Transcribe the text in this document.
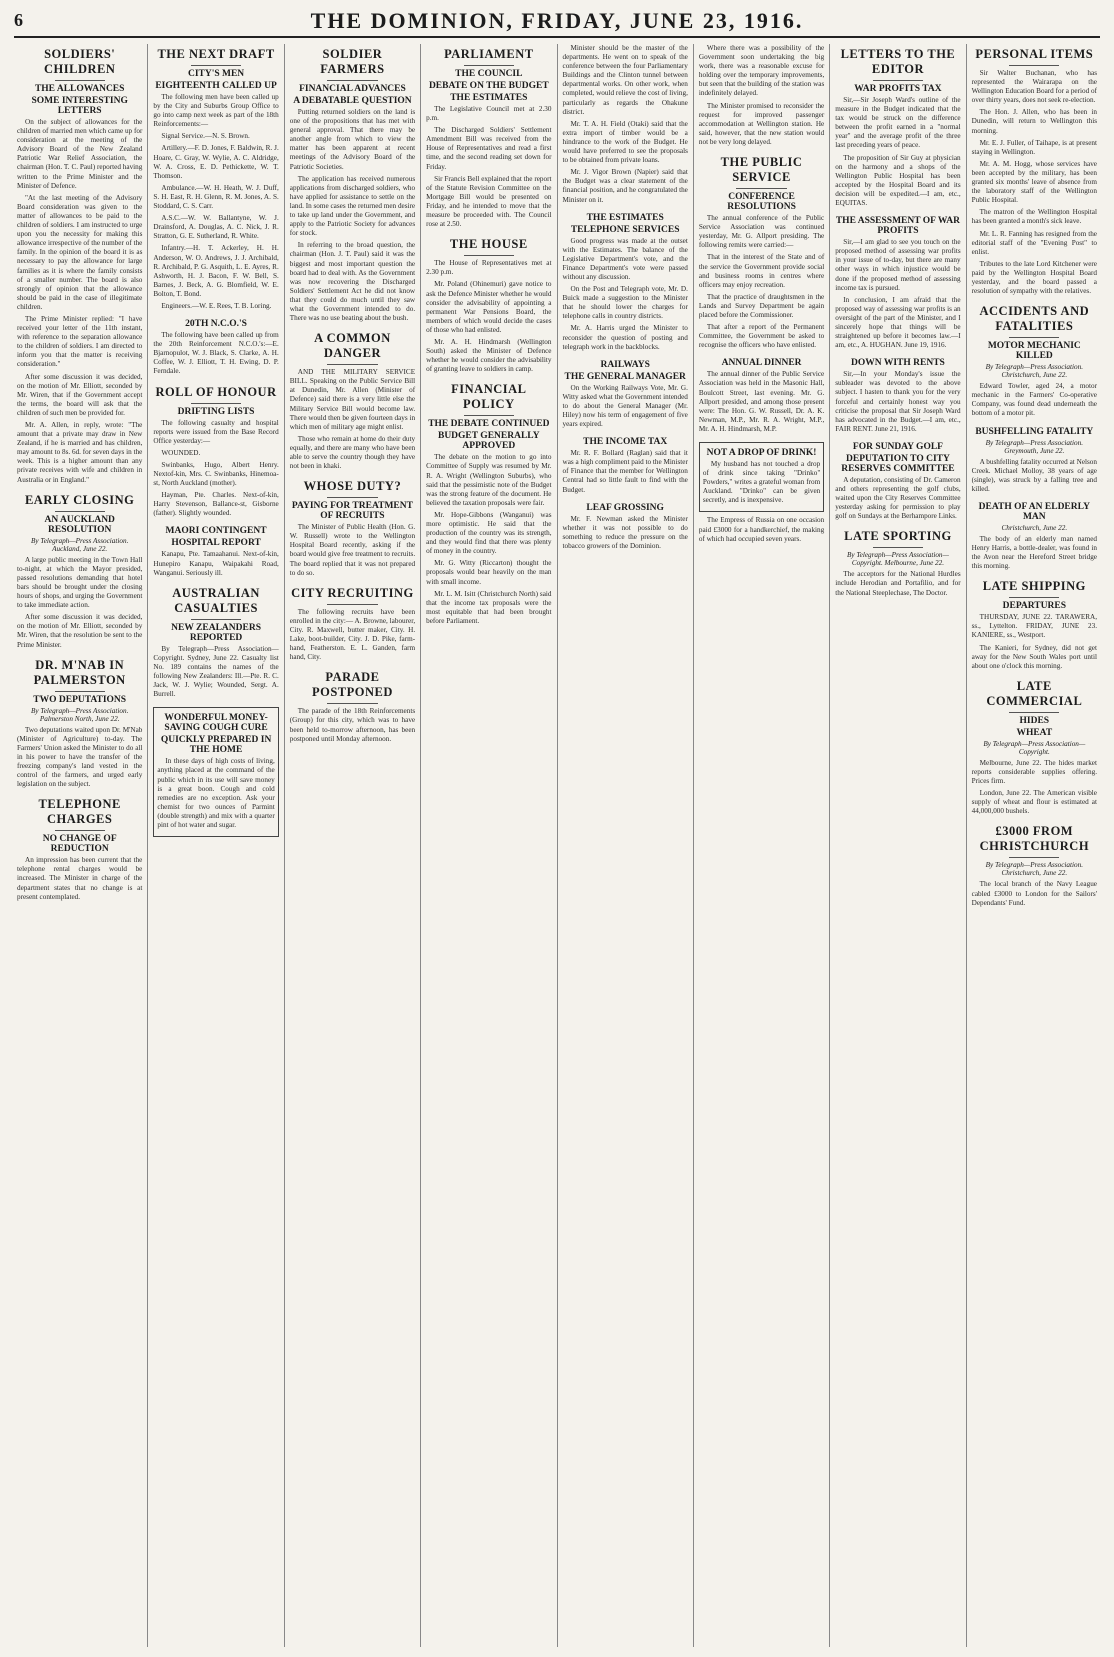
6	THE DOMINION, FRIDAY, JUNE 23, 1916.
SOLDIERS' CHILDREN
THE ALLOWANCES
SOME INTERESTING LETTERS

On the subject of allowances for the children of married men which came up for consideration at the meeting of the Advisory Board of the New Zealand Patriotic War Relief Association, the chairman (Hon. T. C. Paul) reported having written to the Prime Minister and the Minister of Defence.

"At the last meeting of the Advisory Board consideration was given to the matter of allowances to be paid to the children of soldiers. I am instructed to urge upon you the necessity for making this allowance irrespective of the number of the family. In the opinion of the board it is as necessary to pay the allowance for large families as it is where the family consists of a smaller number. The board is also strongly of opinion that the allowance should be paid in the case of illegitimate children.

The Prime Minister replied: "I have received your letter of the 11th instant, with reference to the separation allowance to the children of soldiers. I am directed to inform you that the matter is receiving consideration."

After some discussion it was decided, on the motion of Mr. Elliott, seconded by Mr. Wiren, that if the Government accept the terms, the board will ask that the children of such men be provided for.

Mr. A. Allen, in reply, wrote: "The amount that a private may draw in New Zealand, if he is married and has children, may amount to 8s. 6d. for seven days in the week. This is a higher amount than any private receives with wife and children in Australia or in England."

EARLY CLOSING
AN AUCKLAND RESOLUTION
By Telegraph—Press Association. Auckland, June 22.

A large public meeting in the Town Hall to-night, at which the Mayor presided, passed resolutions demanding that hotel bars should be brought under the closing hours of shops, and urging the Government to take immediate action.

After some discussion it was decided, on the motion of Mr. Elliott, seconded by Mr. Wiren, that the resolution be sent to the Prime Minister.

DR. M'NAB IN PALMERSTON
TWO DEPUTATIONS
By Telegraph—Press Association. Palmerston North, June 22.

Two deputations waited upon Dr. M'Nab (Minister of Agriculture) to-day. The Farmers' Union asked the Minister to do all in his power to have the transfer of the freezing company's land vested in the control of the farmers, and urged early legislation on the subject.

TELEPHONE CHARGES
NO CHANGE OF REDUCTION

An impression has been current that the telephone rental charges would be increased. The Minister in charge of the department states that no change is at present contemplated.

THE NEXT DRAFT
CITY'S MEN
EIGHTEENTH CALLED UP

The following men have been called up by the City and Suburbs Group Office to go into camp next week as part of the 18th Reinforcements:—

Signal Service.—N. S. Brown.

Artillery.—F. D. Jones, F. Baldwin, R. J. Hoare, C. Gray, W. Wylie, A. C. Aldridge, W. A. Cross, E. D. Pethickette, W. T. Thomson.

Ambulance.—W. H. Heath, W. J. Duff, S. H. East, R. H. Glenn, R. M. Jones, A. S. Stoddard, C. S. Carr.

A.S.C.—W. W. Ballantyne, W. J. Drainsford, A. Douglas, A. C. Nick, J. R. Stratton, G. E. Sutherland, R. White.

Infantry.—H. T. Ackerley, H. H. Anderson, W. O. Andrews, J. J. Archibald, R. Archibald, P. G. Asquith, L. E. Ayres, R. Ashworth, H. J. Bacon, F. W. Bell, S. Barnes, J. Beck, A. G. Blomfield, W. E. Bolton, T. Bond.

Engineers.—W. E. Rees, T. B. Loring.

20TH N.C.O.'S

The following have been called up from the 20th Reinforcement N.C.O.'s:—E. Bjarnopulot, W. J. Black, S. Clarke, A. H. Coffee, W. J. Elliott, T. H. Ewing, D. P. Ferndale.

ROLL OF HONOUR
DRIFTING LISTS

The following casualty and hospital reports were issued from the Base Record Office yesterday:—

WOUNDED.

Swinbanks, Hugo, Albert Henry. Nextof-kin, Mrs. C. Swinbanks, Hinemoa-st, North Auckland (mother).

Hayman, Pte. Charles. Next-of-kin, Harry Stevenson, Ballance-st, Gisborne (father). Slightly wounded.

MAORI CONTINGENT
HOSPITAL REPORT

Kanapu, Pte. Tamaahanui. Next-of-kin, Hunepiro Kanapu, Waipakahi Road, Wanganui. Seriously ill.

AUSTRALIAN CASUALTIES
NEW ZEALANDERS REPORTED

By Telegraph—Press Association—Copyright. Sydney, June 22. Casualty list No. 189 contains the names of the following New Zealanders: Ill.—Pte. R. C. Jack, W. J. Wylie; Wounded, Sergt. A. Burrell.

WONDERFUL MONEY-SAVING COUGH CURE
QUICKLY PREPARED IN THE HOME

In these days of high costs of living, anything placed at the command of the public which in its use will save money is a great boon. Cough and cold remedies are no exception. Ask your chemist for two ounces of Parmint (double strength) and mix with a quarter pint of hot water and sugar.

SOLDIER FARMERS
FINANCIAL ADVANCES
A DEBATABLE QUESTION

Putting returned soldiers on the land is one of the propositions that has met with general approval. That there may be another angle from which to view the matter has been apparent at recent meetings of the Advisory Board of the Patriotic Societies.

The application has received numerous applications from discharged soldiers, who have applied for assistance to settle on the land. In some cases the returned men desire to take up land under the Government, and apply to the Patriotic Society for advances for stock.

In referring to the broad question, the chairman (Hon. J. T. Paul) said it was the biggest and most important question the board had to deal with. As the Government was now recovering the Discharged Soldiers' Settlement Act he did not know that they could do much until they saw what the Government intended to do. There was no use beating about the bush.

A COMMON DANGER

AND THE MILITARY SERVICE BILL. Speaking on the Public Service Bill at Dunedin, Mr. Allen (Minister of Defence) said there is a very little else the Military Service Bill would become law. There would then be given fourteen days in which men of military age might enlist.

Those who remain at home do their duty equally, and there are many who have been able to serve the country though they have not been in khaki.

WHOSE DUTY?
PAYING FOR TREATMENT OF RECRUITS

The Minister of Public Health (Hon. G. W. Russell) wrote to the Wellington Hospital Board recently, asking if the board would give free treatment to recruits. The board replied that it was not prepared to do so.

CITY RECRUITING

The following recruits have been enrolled in the city:— A. Browne, labourer, City. R. Maxwell, butter maker, City. H. Lake, boot-builder, City. J. D. Pike, farm-hand, Featherston. E. L. Ganden, farm hand, City.

PARADE POSTPONED

The parade of the 18th Reinforcements (Group) for this city, which was to have been held to-morrow afternoon, has been postponed until Monday afternoon.

PARLIAMENT
THE COUNCIL
DEBATE ON THE BUDGET
THE ESTIMATES

The Legislative Council met at 2.30 p.m.

The Discharged Soldiers' Settlement Amendment Bill was received from the House of Representatives and read a first time, and the second reading set down for Friday.

Sir Francis Bell explained that the report of the Statute Revision Committee on the Mortgage Bill would be presented on Friday, and he intended to move that the measure be proceeded with. The Council rose at 2.50.

THE HOUSE

The House of Representatives met at 2.30 p.m.

Mr. Poland (Ohinemuri) gave notice to ask the Defence Minister whether he would consider the advisability of appointing a permanent War Pensions Board, the members of which would decide the cases of those who had enlisted.

Mr. A. H. Hindmarsh (Wellington South) asked the Minister of Defence whether he would consider the advisability of granting leave to soldiers in camp.

FINANCIAL POLICY
THE DEBATE CONTINUED
BUDGET GENERALLY APPROVED

The debate on the motion to go into Committee of Supply was resumed by Mr. R. A. Wright (Wellington Suburbs), who said that the pessimistic note of the Budget was the strong feature of the document. He believed the taxation proposals were fair.

Mr. Hope-Gibbons (Wanganui) was more optimistic. He said that the production of the country was its strength, and they would find that there was plenty of money in the country.

Mr. G. Witty (Riccarton) thought the proposals would bear heavily on the man with small income.

Mr. L. M. Isitt (Christchurch North) said that the income tax proposals were the most equitable that had been brought before Parliament.

Minister should be the master of the departments. He went on to speak of the conference between the four Parliamentary Buildings and the Clinton tunnel between departmental works. On other work, when completed, would relieve the cost of living, particularly as regards the Ohakune district.

Mr. T. A. H. Field (Otaki) said that the extra import of timber would be a hindrance to the work of the Budget. He would have preferred to see the proposals to be obtained from private loans.

Mr. J. Vigor Brown (Napier) said that the Budget was a clear statement of the financial position, and he congratulated the Minister on it.

THE ESTIMATES
TELEPHONE SERVICES

Good progress was made at the outset with the Estimates. The balance of the Legislative Department's vote, and the Finance Department's vote were passed without any discussion.

On the Post and Telegraph vote, Mr. D. Buick made a suggestion to the Minister that he should lower the charges for telephone calls in country districts.

Mr. A. Harris urged the Minister to reconsider the question of posting and telegraph work in the backblocks.

RAILWAYS
THE GENERAL MANAGER

On the Working Railways Vote, Mr. G. Witty asked what the Government intended to do about the General Manager (Mr. Hiley) now his term of engagement of five years expired.

THE INCOME TAX

Mr. R. F. Bollard (Raglan) said that it was a high compliment paid to the Minister of Finance that the member for Wellington Central had so little fault to find with the Budget.

LEAF GROSSING

Mr. F. Newman asked the Minister whether it was not possible to do something to reduce the pressure on the tobacco growers of the Dominion.

Where there was a possibility of the Government soon undertaking the big work, there was a reasonable excuse for holding over the temporary improvements, but seen that the building of the station was indefinitely delayed.

The Minister promised to reconsider the request for improved passenger accommodation at Wellington station. He said, however, that the new station would not be very long delayed.

THE PUBLIC SERVICE
CONFERENCE RESOLUTIONS

The annual conference of the Public Service Association was continued yesterday, Mr. G. Allport presiding. The following remits were carried:—

That in the interest of the State and of the service the Government provide social and business rooms in centres where officers may enjoy recreation.

That the practice of draughtsmen in the Lands and Survey Department be again placed before the Commissioner.

That after a report of the Permanent Committee, the Government be asked to recognise the officers who have enlisted.

ANNUAL DINNER

The annual dinner of the Public Service Association was held in the Masonic Hall, Boulcott Street, last evening. Mr. G. Allport presided, and among those present were: The Hon. G. W. Russell, Dr. A. K. Newman, M.P., Mr. R. A. Wright, M.P., Mr. A. H. Hindmarsh, M.P.

NOT A DROP OF DRINK!

My husband has not touched a drop of drink since taking "Drinko" Powders," writes a grateful woman from Auckland. "Drinko" can be given secretly, and is inexpensive.

The Empress of Russia on one occasion paid £3000 for a handkerchief, the making of which had occupied seven years.

LETTERS TO THE EDITOR
WAR PROFITS TAX

Sir,—Sir Joseph Ward's outline of the measure in the Budget indicated that the tax would be struck on the difference between the profit earned in a "normal year" and the average profit of the three last preceding years of peace.

The proposition of Sir Guy at physician on the harmony and a shops of the Wellington Public Hospital has been accepted by the Hospital Board and its decision will be expedited.—I am, etc., EQUITAS.

THE ASSESSMENT OF WAR PROFITS

Sir,—I am glad to see you touch on the proposed method of assessing war profits in your issue of to-day, but there are many other ways in which injustice would be done if the proposed method of assessing income tax is pursued.

In conclusion, I am afraid that the proposed way of assessing war profits is an oversight of the part of the Minister, and I sincerely hope that things will be straightened up before it becomes law.—I am, etc., A. HUGHAN. June 19, 1916.

DOWN WITH RENTS

Sir,—In your Monday's issue the subleader was devoted to the above subject. I hasten to thank you for the very forceful and certainly honest way you criticise the proposal that Sir Joseph Ward has advocated in the Budget.—I am, etc., FAIR RENT. June 21, 1916.

FOR SUNDAY GOLF
DEPUTATION TO CITY RESERVES COMMITTEE

A deputation, consisting of Dr. Cameron and others representing the golf clubs, waited upon the City Reserves Committee yesterday asking for permission to play golf on Sundays at the Berhampore Links.

LATE SPORTING
By Telegraph—Press Association—Copyright. Melbourne, June 22.

The acceptors for the National Hurdles include Herodian and Portafilio, and for the National Steeplechase, The Doctor.

PERSONAL ITEMS

Sir Walter Buchanan, who has represented the Wairarapa on the Wellington Education Board for a period of over thirty years, does not seek re-election.

The Hon. J. Allen, who has been in Dunedin, will return to Wellington this morning.

Mr. E. J. Fuller, of Taihape, is at present staying in Wellington.

Mr. A. M. Hogg, whose services have been accepted by the military, has been granted six months' leave of absence from the laboratory staff of the Wellington Public Hospital.

The matron of the Wellington Hospital has been granted a month's sick leave.

Mr. L. R. Fanning has resigned from the editorial staff of the "Evening Post" to enlist.

Tributes to the late Lord Kitchener were paid by the Wellington Hospital Board yesterday, and the board passed a resolution of sympathy with the relatives.

ACCIDENTS AND FATALITIES
MOTOR MECHANIC KILLED
By Telegraph—Press Association. Christchurch, June 22.

Edward Towler, aged 24, a motor mechanic in the Farmers' Co-operative Company, was found dead underneath the bottom of a motor pit.

BUSHFELLING FATALITY
By Telegraph—Press Association. Greymouth, June 22.

A bushfelling fatality occurred at Nelson Creek. Michael Molloy, 38 years of age (single), was struck by a falling tree and killed.

DEATH OF AN ELDERLY MAN
Christchurch, June 22.

The body of an elderly man named Henry Harris, a bottle-dealer, was found in the Avon near the Hereford Street bridge this morning.

LATE SHIPPING
DEPARTURES

THURSDAY, JUNE 22. TARAWERA, ss., Lyttelton. FRIDAY, JUNE 23. KANIERE, ss., Westport.

The Kanieri, for Sydney, did not get away for the New South Wales port until about one o'clock this morning.

LATE COMMERCIAL
HIDES
WHEAT
By Telegraph—Press Association—Copyright.

Melbourne, June 22. The hides market reports considerable supplies offering. Prices firm.

London, June 22. The American visible supply of wheat and flour is estimated at 44,000,000 bushels.

£3000 FROM CHRISTCHURCH
By Telegraph—Press Association. Christchurch, June 22.

The local branch of the Navy League cabled £3000 to London for the Sailors' Dependants' Fund.
